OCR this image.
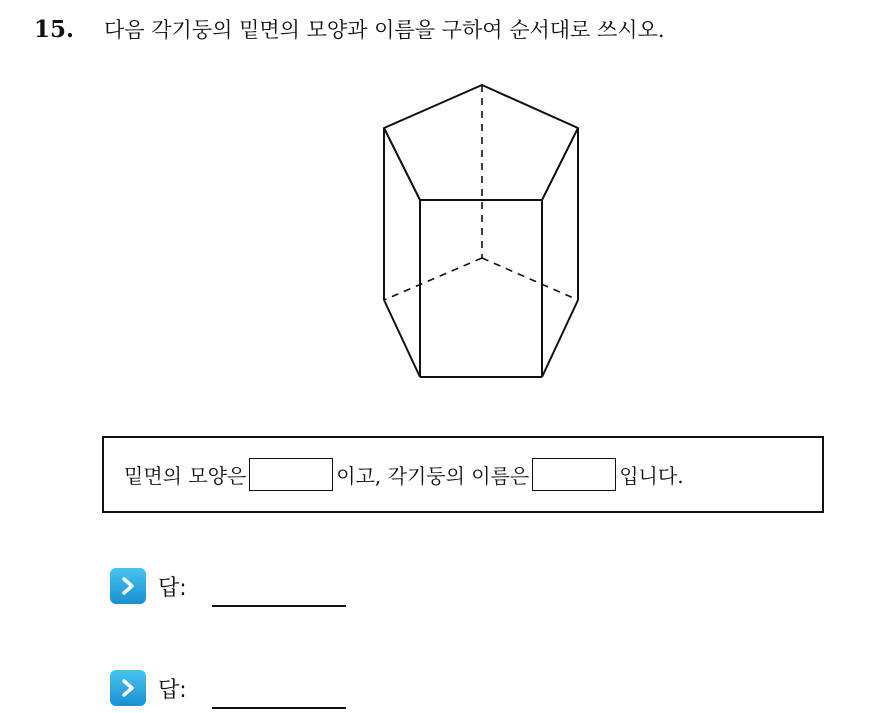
15.	다음 각기둥의 밑면의 모양과 이름을 구하여 순서대로 쓰시오.
밑면의 모양은	이고, 각기둥의 이름은	입니다.
답:
답:
